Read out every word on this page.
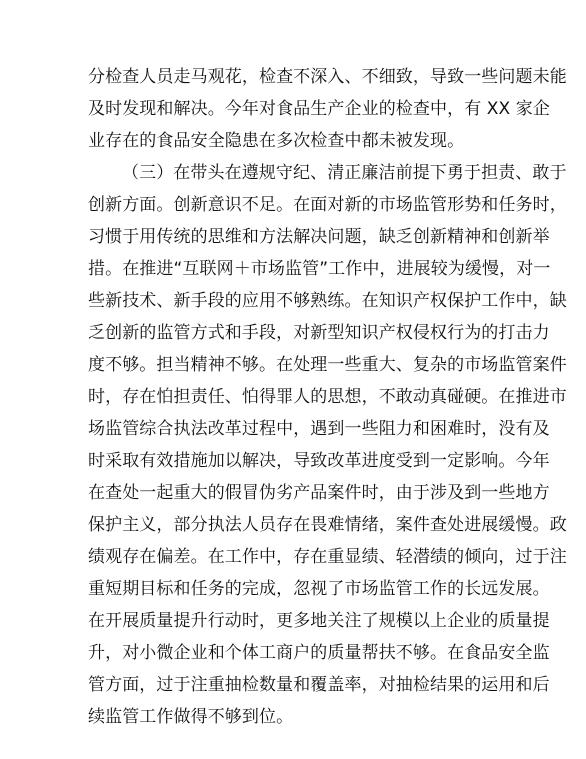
分检查人员走马观花，检查不深入、不细致，导致一些问题未能
及时发现和解决。今年对食品生产企业的检查中，有 XX 家企
业存在的食品安全隐患在多次检查中都未被发现。
（三）在带头在遵规守纪、清正廉洁前提下勇于担责、敢于
创新方面。创新意识不足。在面对新的市场监管形势和任务时，
习惯于用传统的思维和方法解决问题，缺乏创新精神和创新举
措。在推进“互联网＋市场监管”工作中，进展较为缓慢，对一
些新技术、新手段的应用不够熟练。在知识产权保护工作中，缺
乏创新的监管方式和手段，对新型知识产权侵权行为的打击力
度不够。担当精神不够。在处理一些重大、复杂的市场监管案件
时，存在怕担责任、怕得罪人的思想，不敢动真碰硬。在推进市
场监管综合执法改革过程中，遇到一些阻力和困难时，没有及
时采取有效措施加以解决，导致改革进度受到一定影响。今年
在查处一起重大的假冒伪劣产品案件时，由于涉及到一些地方
保护主义，部分执法人员存在畏难情绪，案件查处进展缓慢。政
绩观存在偏差。在工作中，存在重显绩、轻潜绩的倾向，过于注
重短期目标和任务的完成，忽视了市场监管工作的长远发展。
在开展质量提升行动时，更多地关注了规模以上企业的质量提
升，对小微企业和个体工商户的质量帮扶不够。在食品安全监
管方面，过于注重抽检数量和覆盖率，对抽检结果的运用和后
续监管工作做得不够到位。
